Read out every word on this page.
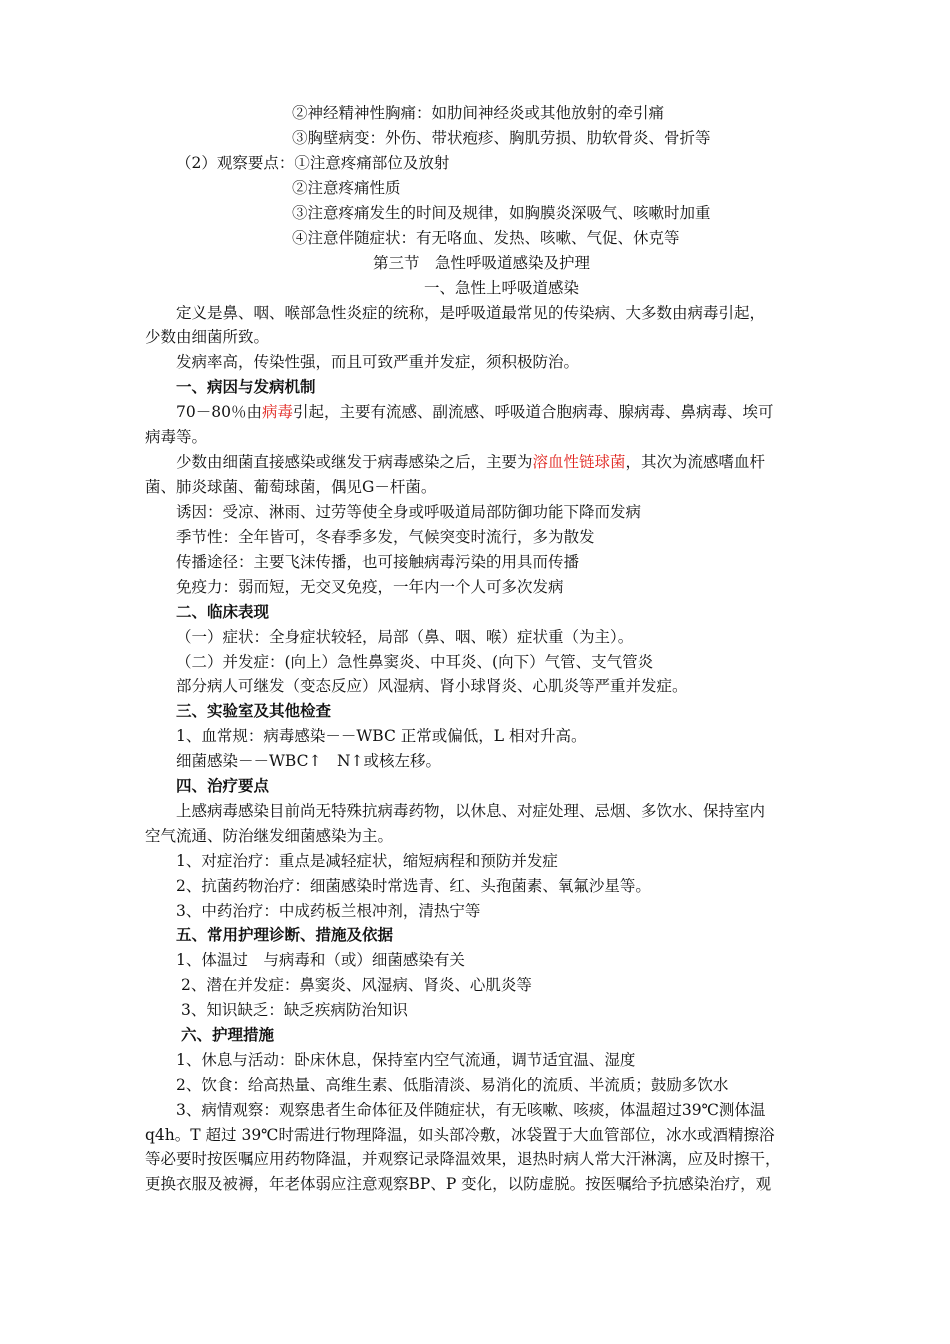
②神经精神性胸痛：如肋间神经炎或其他放射的牵引痛
③胸壁病变：外伤、带状疱疹、胸肌劳损、肋软骨炎、骨折等
（2）观察要点：①注意疼痛部位及放射
②注意疼痛性质
③注意疼痛发生的时间及规律，如胸膜炎深吸气、咳嗽时加重
④注意伴随症状：有无咯血、发热、咳嗽、气促、休克等
第三节　急性呼吸道感染及护理
一、急性上呼吸道感染
定义是鼻、咽、喉部急性炎症的统称，是呼吸道最常见的传染病、大多数由病毒引起，
少数由细菌所致。
发病率高，传染性强，而且可致严重并发症，须积极防治。
一、病因与发病机制
70－80％由病毒引起，主要有流感、副流感、呼吸道合胞病毒、腺病毒、鼻病毒、埃可
病毒等。
少数由细菌直接感染或继发于病毒感染之后，主要为溶血性链球菌，其次为流感嗜血杆
菌、肺炎球菌、葡萄球菌，偶见G－杆菌。
诱因：受凉、淋雨、过劳等使全身或呼吸道局部防御功能下降而发病
季节性：全年皆可，冬春季多发，气候突变时流行，多为散发
传播途径：主要飞沫传播，也可接触病毒污染的用具而传播
免疫力：弱而短，无交叉免疫，一年内一个人可多次发病
二、临床表现
（一）症状：全身症状较轻，局部（鼻、咽、喉）症状重（为主）。
（二）并发症：(向上）急性鼻窦炎、中耳炎、(向下）气管、支气管炎
部分病人可继发（变态反应）风湿病、肾小球肾炎、心肌炎等严重并发症。
三、实验室及其他检查
1、血常规：病毒感染－－WBC 正常或偏低，L 相对升高。
细菌感染－－WBC↑　N↑或核左移。
四、治疗要点
上感病毒感染目前尚无特殊抗病毒药物，以休息、对症处理、忌烟、多饮水、保持室内
空气流通、防治继发细菌感染为主。
1、对症治疗：重点是减轻症状，缩短病程和预防并发症
2、抗菌药物治疗：细菌感染时常选青、红、头孢菌素、氧氟沙星等。
3、中药治疗：中成药板兰根冲剂，清热宁等
五、常用护理诊断、措施及依据
1、体温过　与病毒和（或）细菌感染有关
2、潜在并发症：鼻窦炎、风湿病、肾炎、心肌炎等
3、知识缺乏：缺乏疾病防治知识
六、护理措施
1、休息与活动：卧床休息，保持室内空气流通，调节适宜温、湿度
2、饮食：给高热量、高维生素、低脂清淡、易消化的流质、半流质；鼓励多饮水
3、病情观察：观察患者生命体征及伴随症状，有无咳嗽、咳痰，体温超过39℃测体温
q4h。T 超过 39℃时需进行物理降温，如头部冷敷，冰袋置于大血管部位，冰水或酒精擦浴
等必要时按医嘱应用药物降温，并观察记录降温效果，退热时病人常大汗淋漓，应及时擦干，
更换衣服及被褥，年老体弱应注意观察BP、P 变化，以防虚脱。按医嘱给予抗感染治疗，观
